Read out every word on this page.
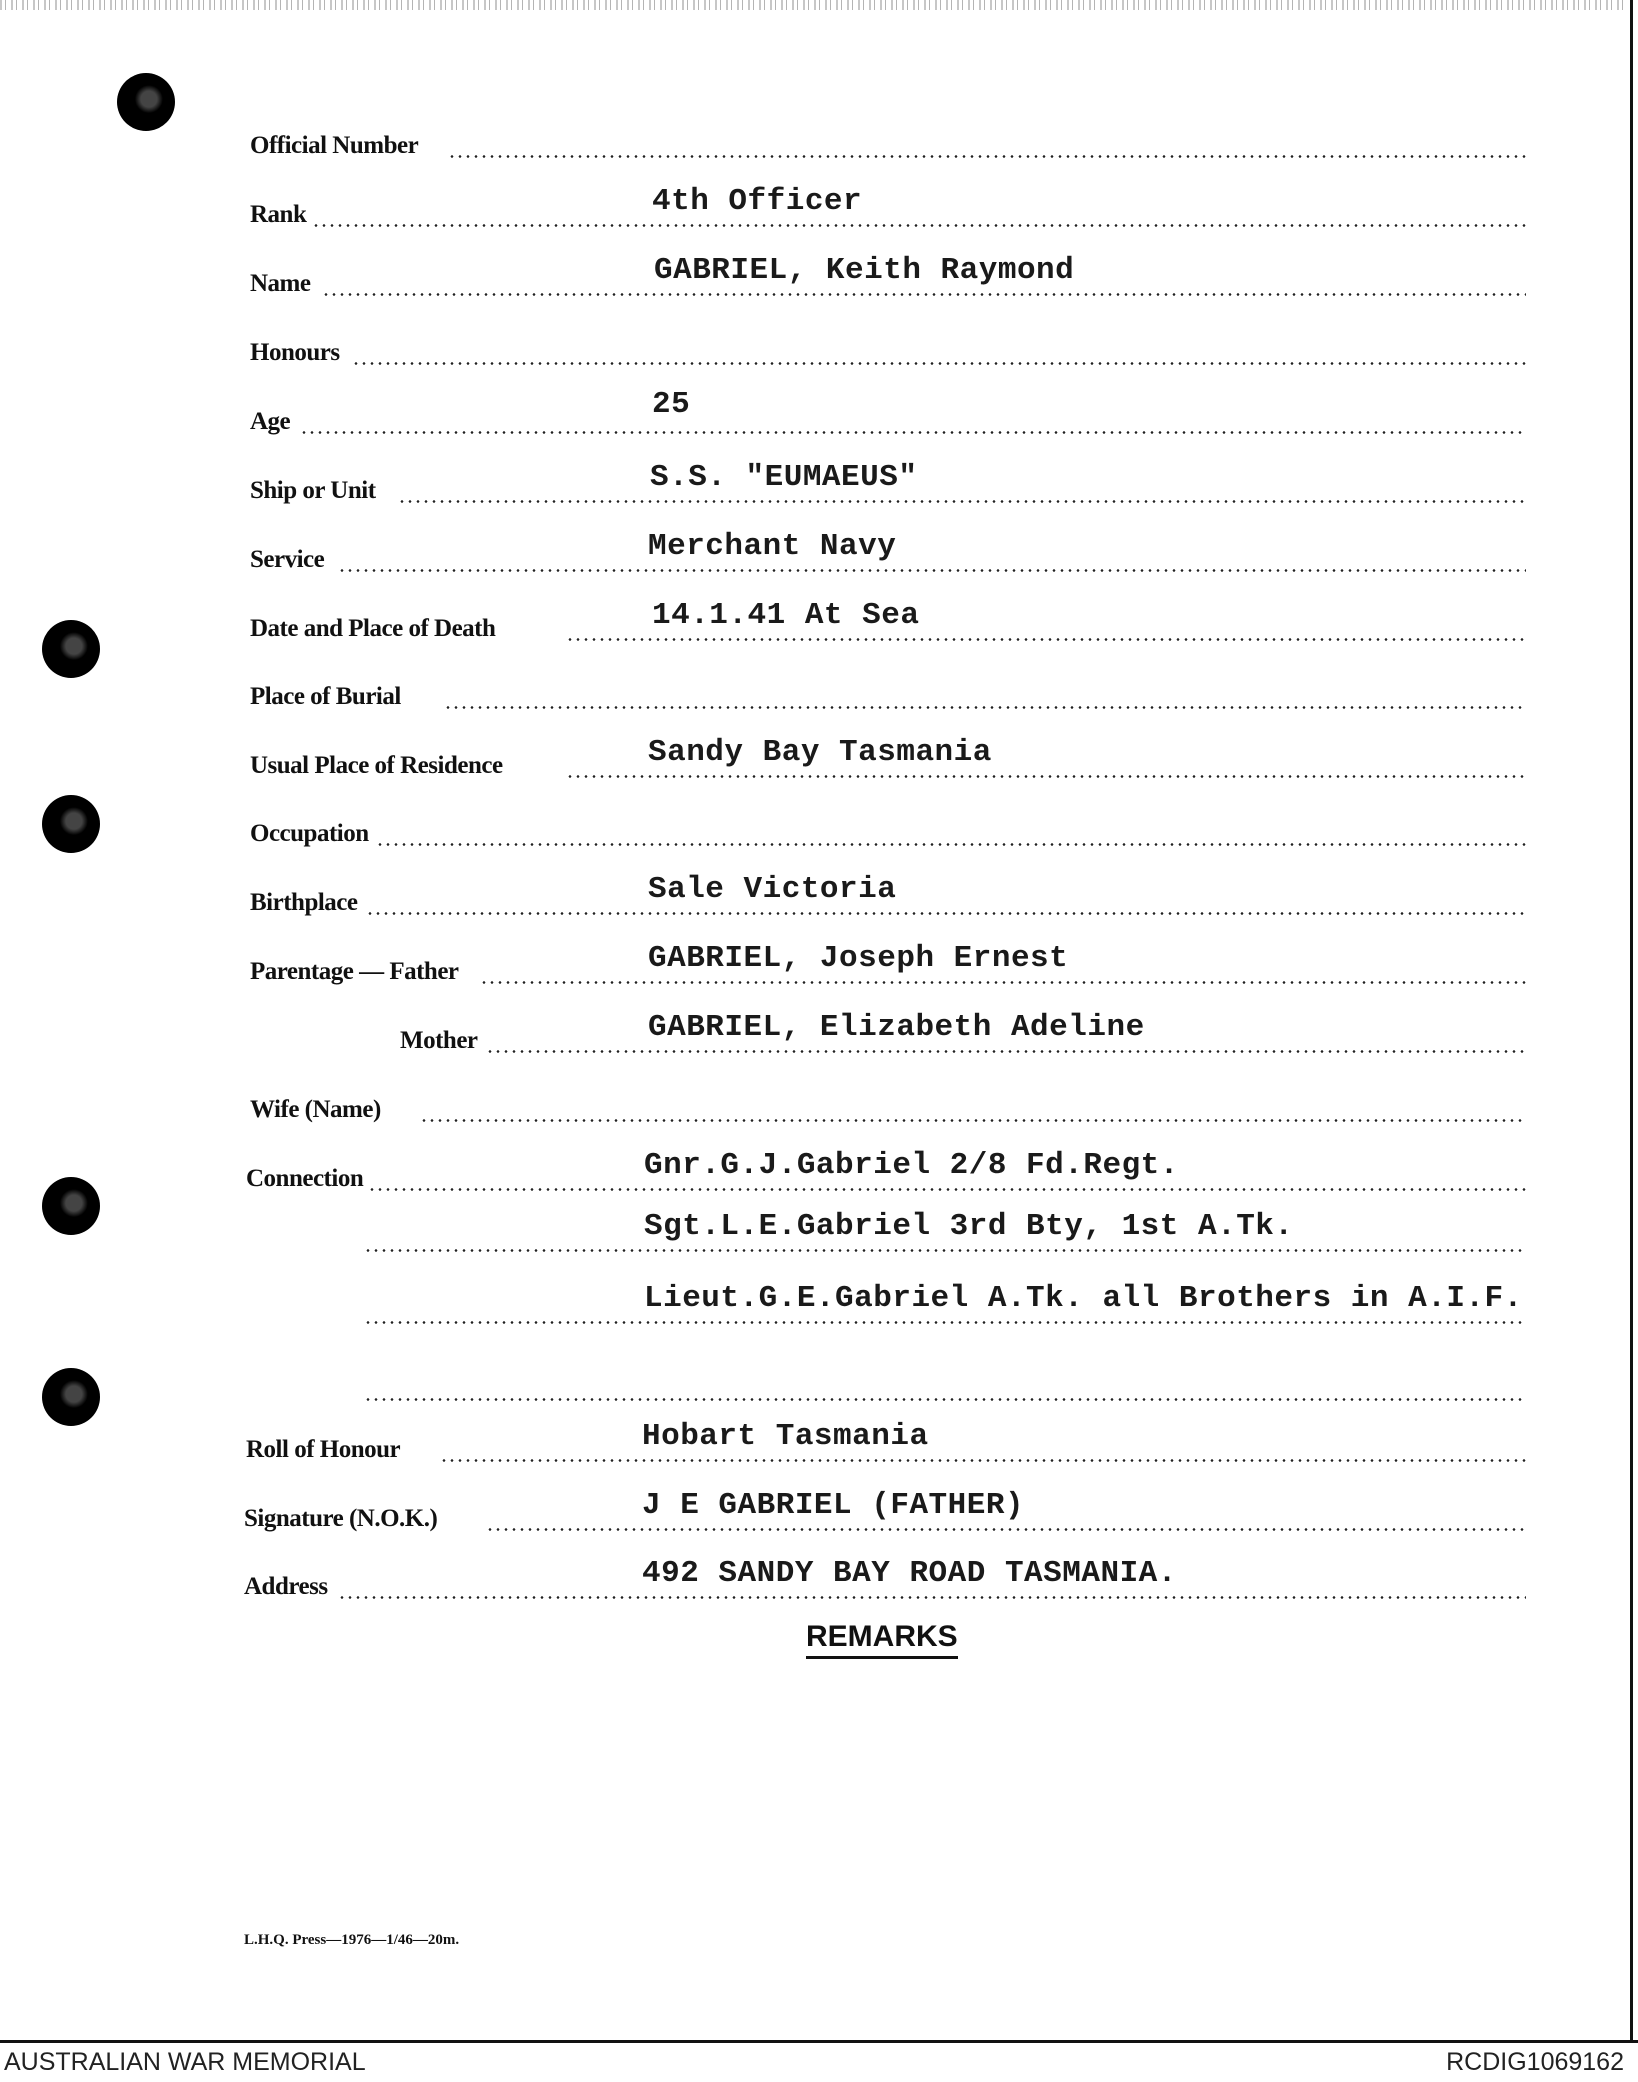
Official Number
Rank	4th Officer
Name	GABRIEL, Keith Raymond
Honours
Age	25
Ship or Unit	S.S. "EUMAEUS"
Service	Merchant Navy
Date and Place of Death	14.1.41 At Sea
Place of Burial
Usual Place of Residence	Sandy Bay Tasmania
Occupation
Birthplace	Sale Victoria
Parentage — Father	GABRIEL, Joseph Ernest
Mother	GABRIEL, Elizabeth Adeline
Wife (Name)
Connection	Gnr.G.J.Gabriel 2/8 Fd.Regt.
Sgt.L.E.Gabriel 3rd Bty, 1st A.Tk.
Lieut.G.E.Gabriel A.Tk. all Brothers in A.I.F.
Roll of Honour	Hobart Tasmania
Signature (N.O.K.)	J E GABRIEL (FATHER)
Address	492 SANDY BAY ROAD TASMANIA.
REMARKS
L.H.Q. Press—1976—1/46—20m.
AUSTRALIAN WAR MEMORIAL	RCDIG1069162
